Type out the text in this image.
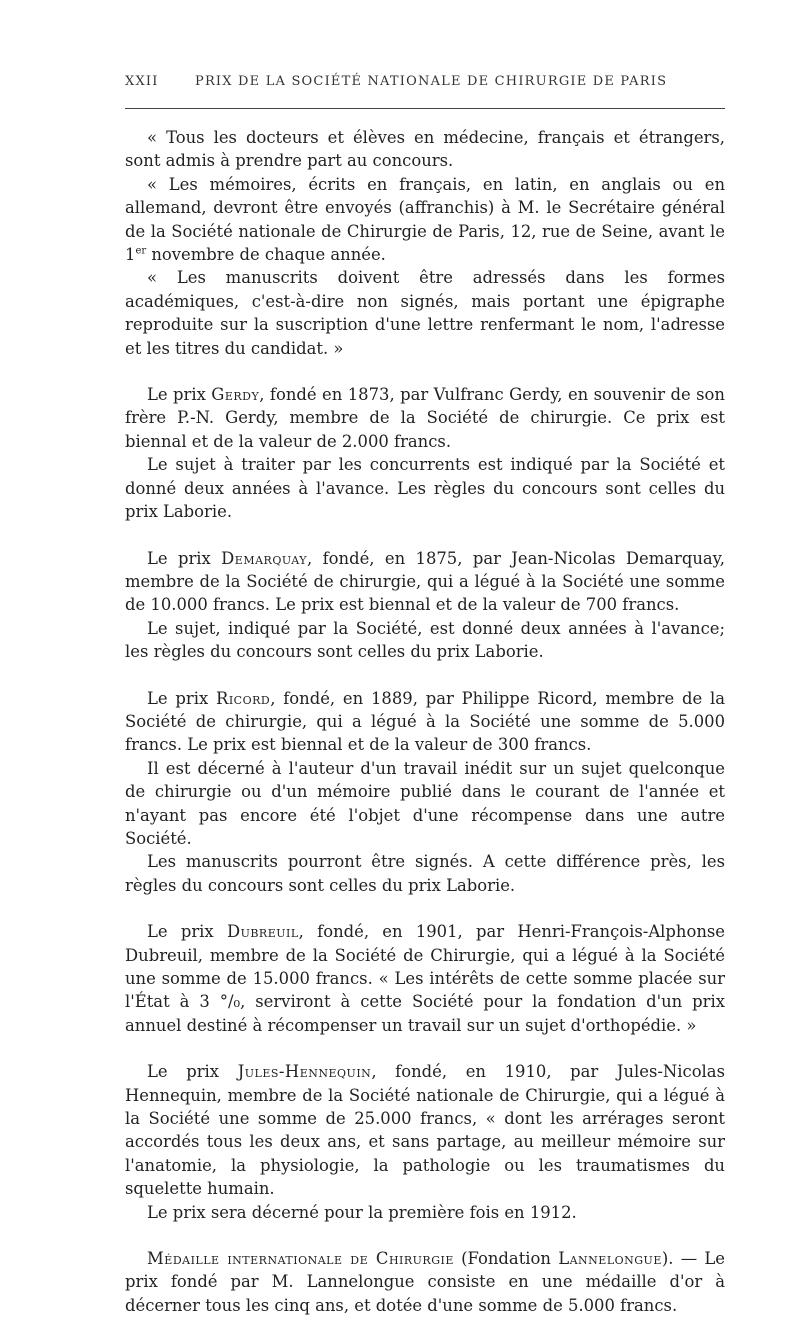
XXII	PRIX DE LA SOCIÉTÉ NATIONALE DE CHIRURGIE DE PARIS

« Tous les docteurs et élèves en médecine, français et étrangers, sont admis à prendre part au concours.

« Les mémoires, écrits en français, en latin, en anglais ou en allemand, devront être envoyés (affranchis) à M. le Secrétaire général de la Société nationale de Chirurgie de Paris, 12, rue de Seine, avant le 1er novembre de chaque année.

« Les manuscrits doivent être adressés dans les formes académiques, c'est-à-dire non signés, mais portant une épigraphe reproduite sur la suscription d'une lettre renfermant le nom, l'adresse et les titres du candidat. »

Le prix Gerdy, fondé en 1873, par Vulfranc Gerdy, en souvenir de son frère P.-N. Gerdy, membre de la Société de chirurgie. Ce prix est biennal et de la valeur de 2.000 francs.

Le sujet à traiter par les concurrents est indiqué par la Société et donné deux années à l'avance. Les règles du concours sont celles du prix Laborie.

Le prix Demarquay, fondé, en 1875, par Jean-Nicolas Demarquay, membre de la Société de chirurgie, qui a légué à la Société une somme de 10.000 francs. Le prix est biennal et de la valeur de 700 francs.

Le sujet, indiqué par la Société, est donné deux années à l'avance; les règles du concours sont celles du prix Laborie.

Le prix Ricord, fondé, en 1889, par Philippe Ricord, membre de la Société de chirurgie, qui a légué à la Société une somme de 5.000 francs. Le prix est biennal et de la valeur de 300 francs.

Il est décerné à l'auteur d'un travail inédit sur un sujet quelconque de chirurgie ou d'un mémoire publié dans le courant de l'année et n'ayant pas encore été l'objet d'une récompense dans une autre Société.

Les manuscrits pourront être signés. A cette différence près, les règles du concours sont celles du prix Laborie.

Le prix Dubreuil, fondé, en 1901, par Henri-François-Alphonse Dubreuil, membre de la Société de Chirurgie, qui a légué à la Société une somme de 15.000 francs. « Les intérêts de cette somme placée sur l'État à 3 °/₀, serviront à cette Société pour la fondation d'un prix annuel destiné à récompenser un travail sur un sujet d'orthopédie. »

Le prix Jules-Hennequin, fondé, en 1910, par Jules-Nicolas Hennequin, membre de la Société nationale de Chirurgie, qui a légué à la Société une somme de 25.000 francs, « dont les arrérages seront accordés tous les deux ans, et sans partage, au meilleur mémoire sur l'anatomie, la physiologie, la pathologie ou les traumatismes du squelette humain.

Le prix sera décerné pour la première fois en 1912.

Médaille internationale de Chirurgie (Fondation Lannelongue). — Le prix fondé par M. Lannelongue consiste en une médaille d'or à décerner tous les cinq ans, et dotée d'une somme de 5.000 francs.
